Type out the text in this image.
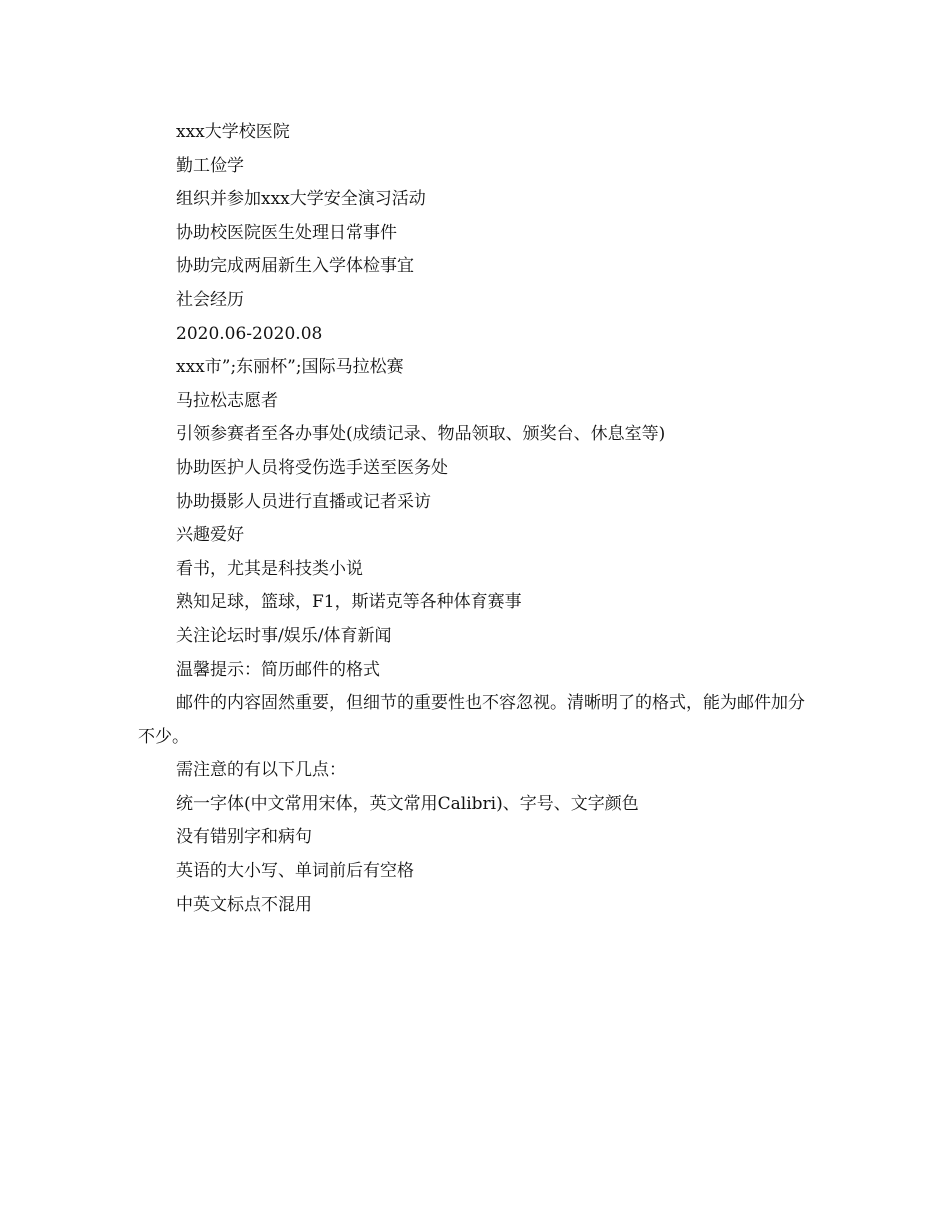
xxx大学校医院

勤工俭学

组织并参加xxx大学安全演习活动

协助校医院医生处理日常事件

协助完成两届新生入学体检事宜

社会经历

2020.06-2020.08

xxx市”;东丽杯”;国际马拉松赛

马拉松志愿者

引领参赛者至各办事处(成绩记录、物品领取、颁奖台、休息室等)

协助医护人员将受伤选手送至医务处

协助摄影人员进行直播或记者采访

兴趣爱好

看书，尤其是科技类小说

熟知足球，篮球，F1，斯诺克等各种体育赛事

关注论坛时事/娱乐/体育新闻

温馨提示：简历邮件的格式

邮件的内容固然重要，但细节的重要性也不容忽视。清晰明了的格式，能为邮件加分不少。

需注意的有以下几点：

统一字体(中文常用宋体，英文常用Calibri)、字号、文字颜色

没有错别字和病句

英语的大小写、单词前后有空格

中英文标点不混用
